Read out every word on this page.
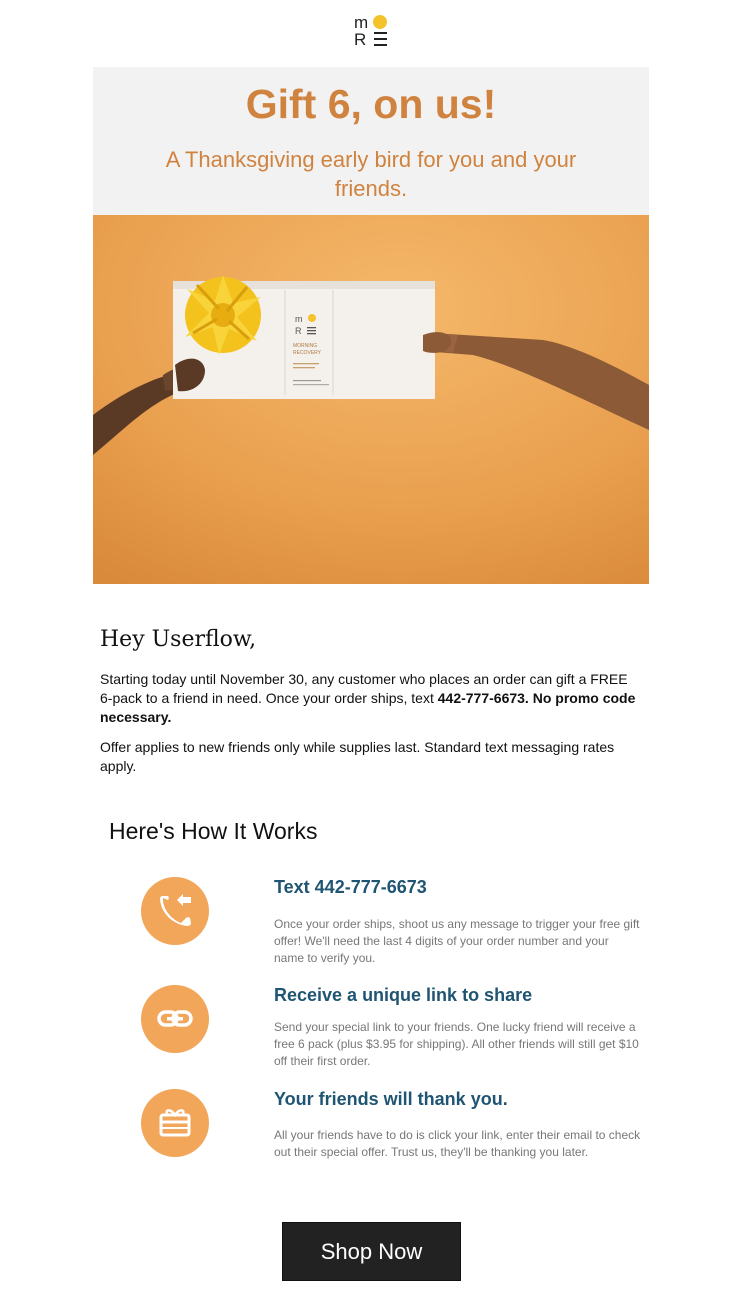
m
R
Gift 6, on us!

A Thanksgiving early bird for you and your friends.

m
R
MORNING
RECOVERY
Hey Userflow,

Starting today until November 30, any customer who places an order can gift a FREE 6-pack to a friend in need. Once your order ships, text 442-777-6673. No promo code necessary.

Offer applies to new friends only while supplies last. Standard text messaging rates apply.

Here's How It Works
Text 442-777-6673

Once your order ships, shoot us any message to trigger your free gift offer! We'll need the last 4 digits of your order number and your name to verify you.

Receive a unique link to share

Send your special link to your friends. One lucky friend will receive a free 6 pack (plus $3.95 for shipping). All other friends will still get $10 off their first order.

Your friends will thank you.

All your friends have to do is click your link, enter their email to check out their special offer. Trust us, they'll be thanking you later.

Shop Now
